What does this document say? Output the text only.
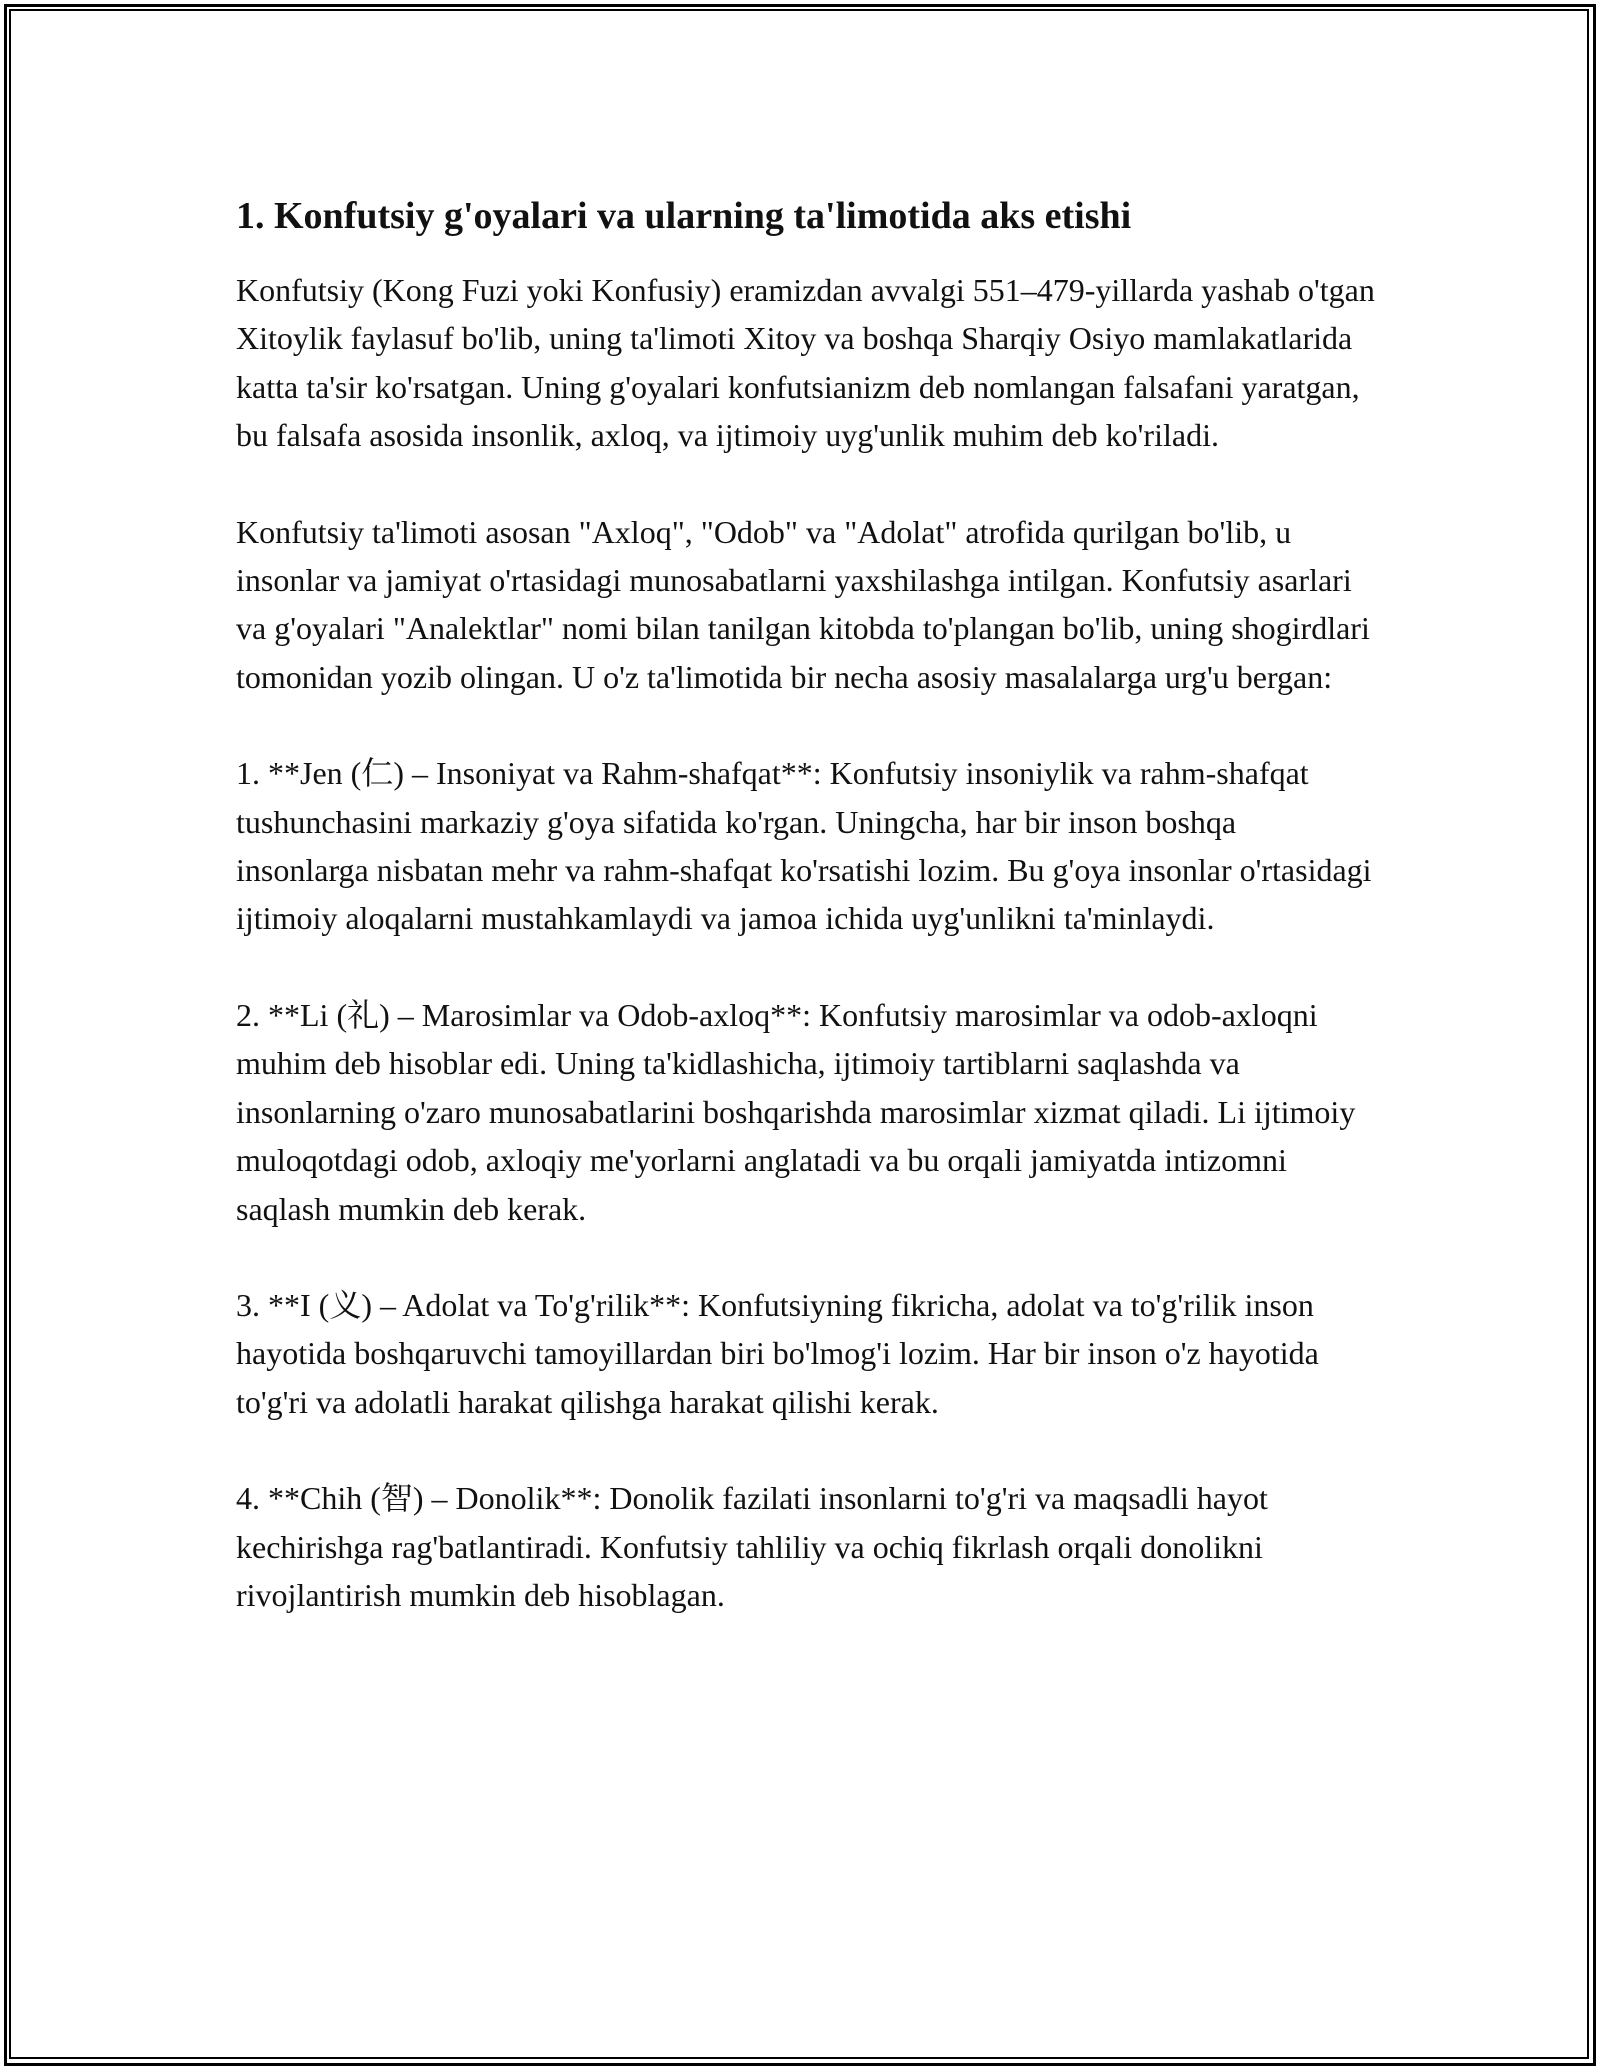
1. Konfutsiy g'oyalari va ularning ta'limotida aks etishi

Konfutsiy (Kong Fuzi yoki Konfusiy) eramizdan avvalgi 551–479-yillarda yashab o'tgan Xitoylik faylasuf bo'lib, uning ta'limoti Xitoy va boshqa Sharqiy Osiyo mamlakatlarida katta ta'sir ko'rsatgan. Uning g'oyalari konfutsianizm deb nomlangan falsafani yaratgan, bu falsafa asosida insonlik, axloq, va ijtimoiy uyg'unlik muhim deb ko'riladi.

Konfutsiy ta'limoti asosan "Axloq", "Odob" va "Adolat" atrofida qurilgan bo'lib, u insonlar va jamiyat o'rtasidagi munosabatlarni yaxshilashga intilgan. Konfutsiy asarlari va g'oyalari "Analektlar" nomi bilan tanilgan kitobda to'plangan bo'lib, uning shogirdlari tomonidan yozib olingan. U o'z ta'limotida bir necha asosiy masalalarga urg'u bergan:

1. **Jen (仁) – Insoniyat va Rahm-shafqat**: Konfutsiy insoniylik va rahm-shafqat tushunchasini markaziy g'oya sifatida ko'rgan. Uningcha, har bir inson boshqa insonlarga nisbatan mehr va rahm-shafqat ko'rsatishi lozim. Bu g'oya insonlar o'rtasidagi ijtimoiy aloqalarni mustahkamlaydi va jamoa ichida uyg'unlikni ta'minlaydi.

2. **Li (礼) – Marosimlar va Odob-axloq**: Konfutsiy marosimlar va odob-axloqni muhim deb hisoblar edi. Uning ta'kidlashicha, ijtimoiy tartiblarni saqlashda va insonlarning o'zaro munosabatlarini boshqarishda marosimlar xizmat qiladi. Li ijtimoiy muloqotdagi odob, axloqiy me'yorlarni anglatadi va bu orqali jamiyatda intizomni saqlash mumkin deb kerak.

3. **I (义) – Adolat va To'g'rilik**: Konfutsiyning fikricha, adolat va to'g'rilik inson hayotida boshqaruvchi tamoyillardan biri bo'lmog'i lozim. Har bir inson o'z hayotida to'g'ri va adolatli harakat qilishga harakat qilishi kerak.

4. **Chih (智) – Donolik**: Donolik fazilati insonlarni to'g'ri va maqsadli hayot kechirishga rag'batlantiradi. Konfutsiy tahliliy va ochiq fikrlash orqali donolikni rivojlantirish mumkin deb hisoblagan.
